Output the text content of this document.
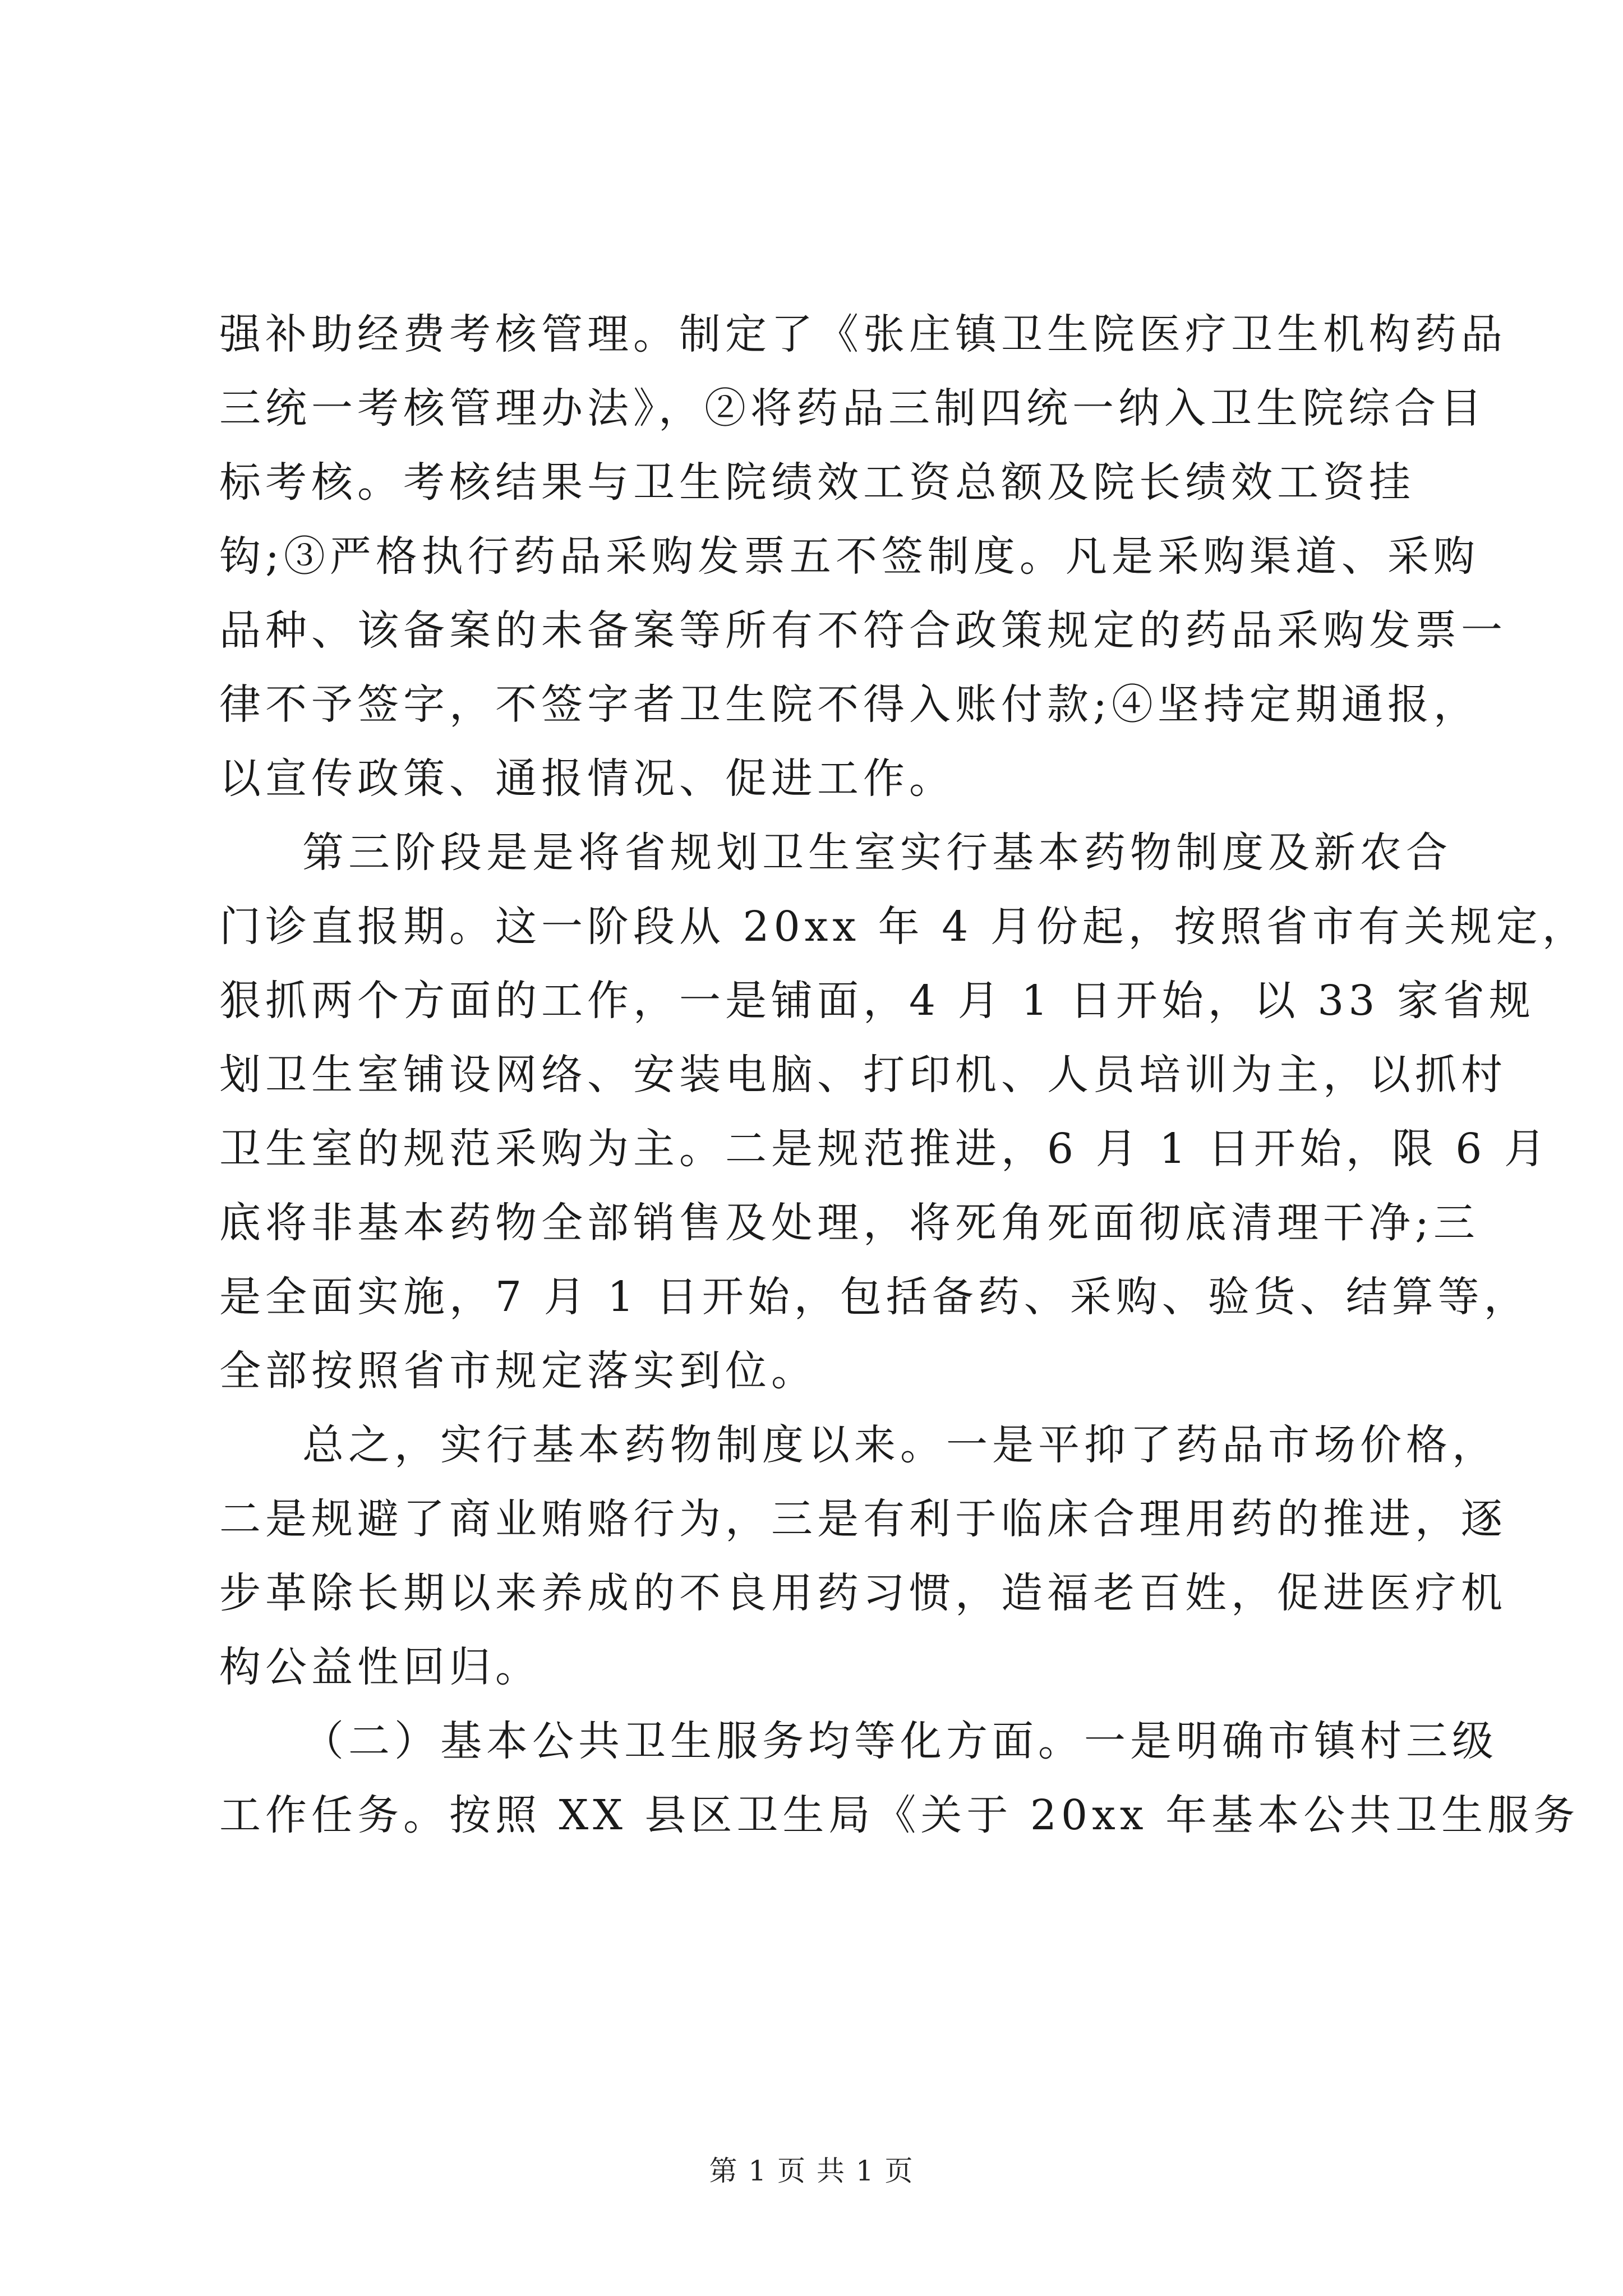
强补助经费考核管理。制定了《张庄镇卫生院医疗卫生机构药品
三统一考核管理办法》，②将药品三制四统一纳入卫生院综合目
标考核。考核结果与卫生院绩效工资总额及院长绩效工资挂
钩;③严格执行药品采购发票五不签制度。凡是采购渠道、采购
品种、该备案的未备案等所有不符合政策规定的药品采购发票一
律不予签字，不签字者卫生院不得入账付款;④坚持定期通报，
以宣传政策、通报情况、促进工作。
第三阶段是是将省规划卫生室实行基本药物制度及新农合
门诊直报期。这一阶段从 20xx 年 4 月份起，按照省市有关规定，
狠抓两个方面的工作，一是铺面，4 月 1 日开始，以 33 家省规
划卫生室铺设网络、安装电脑、打印机、人员培训为主，以抓村
卫生室的规范采购为主。二是规范推进，6 月 1 日开始，限 6 月
底将非基本药物全部销售及处理，将死角死面彻底清理干净;三
是全面实施，7 月 1 日开始，包括备药、采购、验货、结算等，
全部按照省市规定落实到位。
总之，实行基本药物制度以来。一是平抑了药品市场价格，
二是规避了商业贿赂行为，三是有利于临床合理用药的推进，逐
步革除长期以来养成的不良用药习惯，造福老百姓，促进医疗机
构公益性回归。
（二）基本公共卫生服务均等化方面。一是明确市镇村三级
工作任务。按照 XX 县区卫生局《关于 20xx 年基本公共卫生服务
第 1 页 共 1 页
